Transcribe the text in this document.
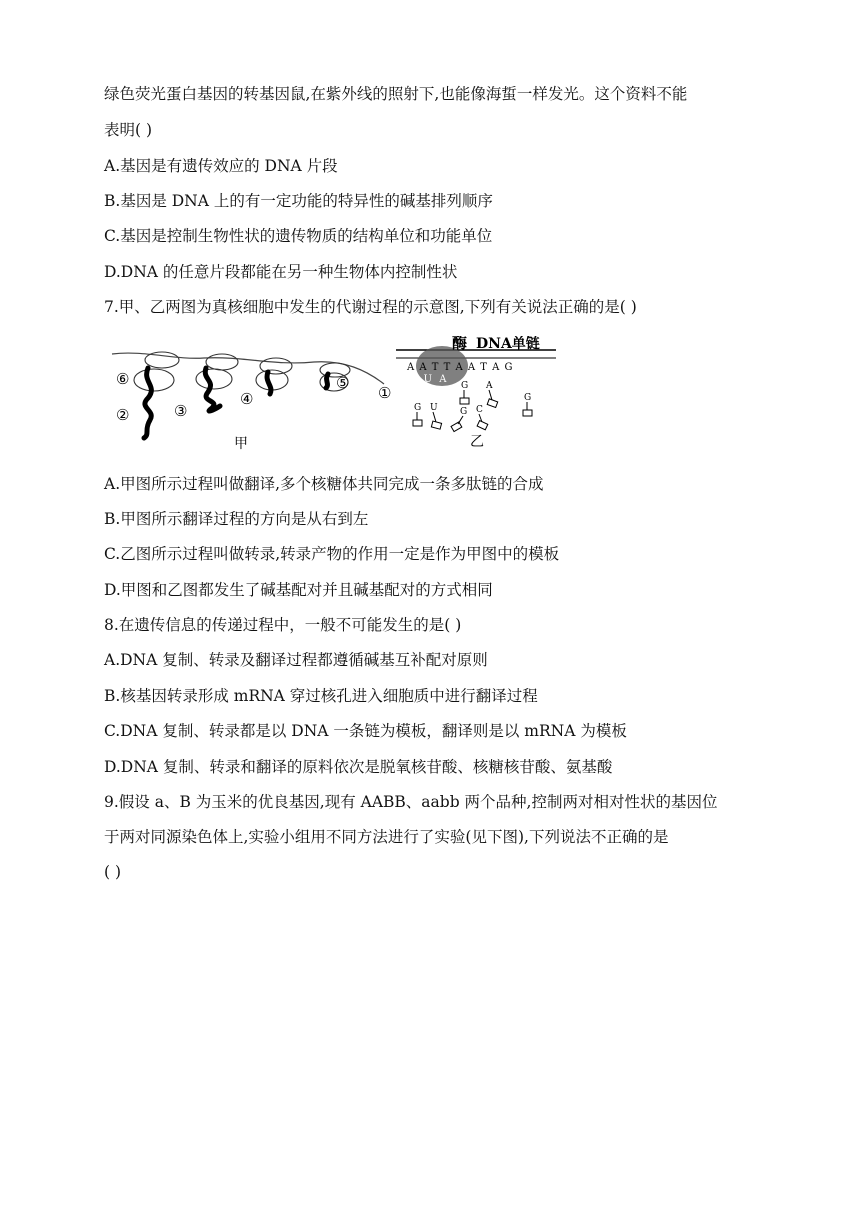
绿色荧光蛋白基因的转基因鼠,在紫外线的照射下,也能像海蜇一样发光。这个资料不能
表明( )
A.基因是有遗传效应的 DNA 片段
B.基因是 DNA 上的有一定功能的特异性的碱基排列顺序
C.基因是控制生物性状的遗传物质的结构单位和功能单位
D.DNA 的任意片段都能在另一种生物体内控制性状
7.甲、乙两图为真核细胞中发生的代谢过程的示意图,下列有关说法正确的是( )
⑥
②	③
④
⑤
①
甲
酶 DNA单链
A A T T A A T A G
U U A
G A
G
G U G C
乙
A.甲图所示过程叫做翻译,多个核糖体共同完成一条多肽链的合成
B.甲图所示翻译过程的方向是从右到左
C.乙图所示过程叫做转录,转录产物的作用一定是作为甲图中的模板
D.甲图和乙图都发生了碱基配对并且碱基配对的方式相同
8.在遗传信息的传递过程中，一般不可能发生的是( )
A.DNA 复制、转录及翻译过程都遵循碱基互补配对原则
B.核基因转录形成 mRNA 穿过核孔进入细胞质中进行翻译过程
C.DNA 复制、转录都是以 DNA 一条链为模板，翻译则是以 mRNA 为模板
D.DNA 复制、转录和翻译的原料依次是脱氧核苷酸、核糖核苷酸、氨基酸
9.假设 a、B 为玉米的优良基因,现有 AABB、aabb 两个品种,控制两对相对性状的基因位
于两对同源染色体上,实验小组用不同方法进行了实验(见下图),下列说法不正确的是
( )
